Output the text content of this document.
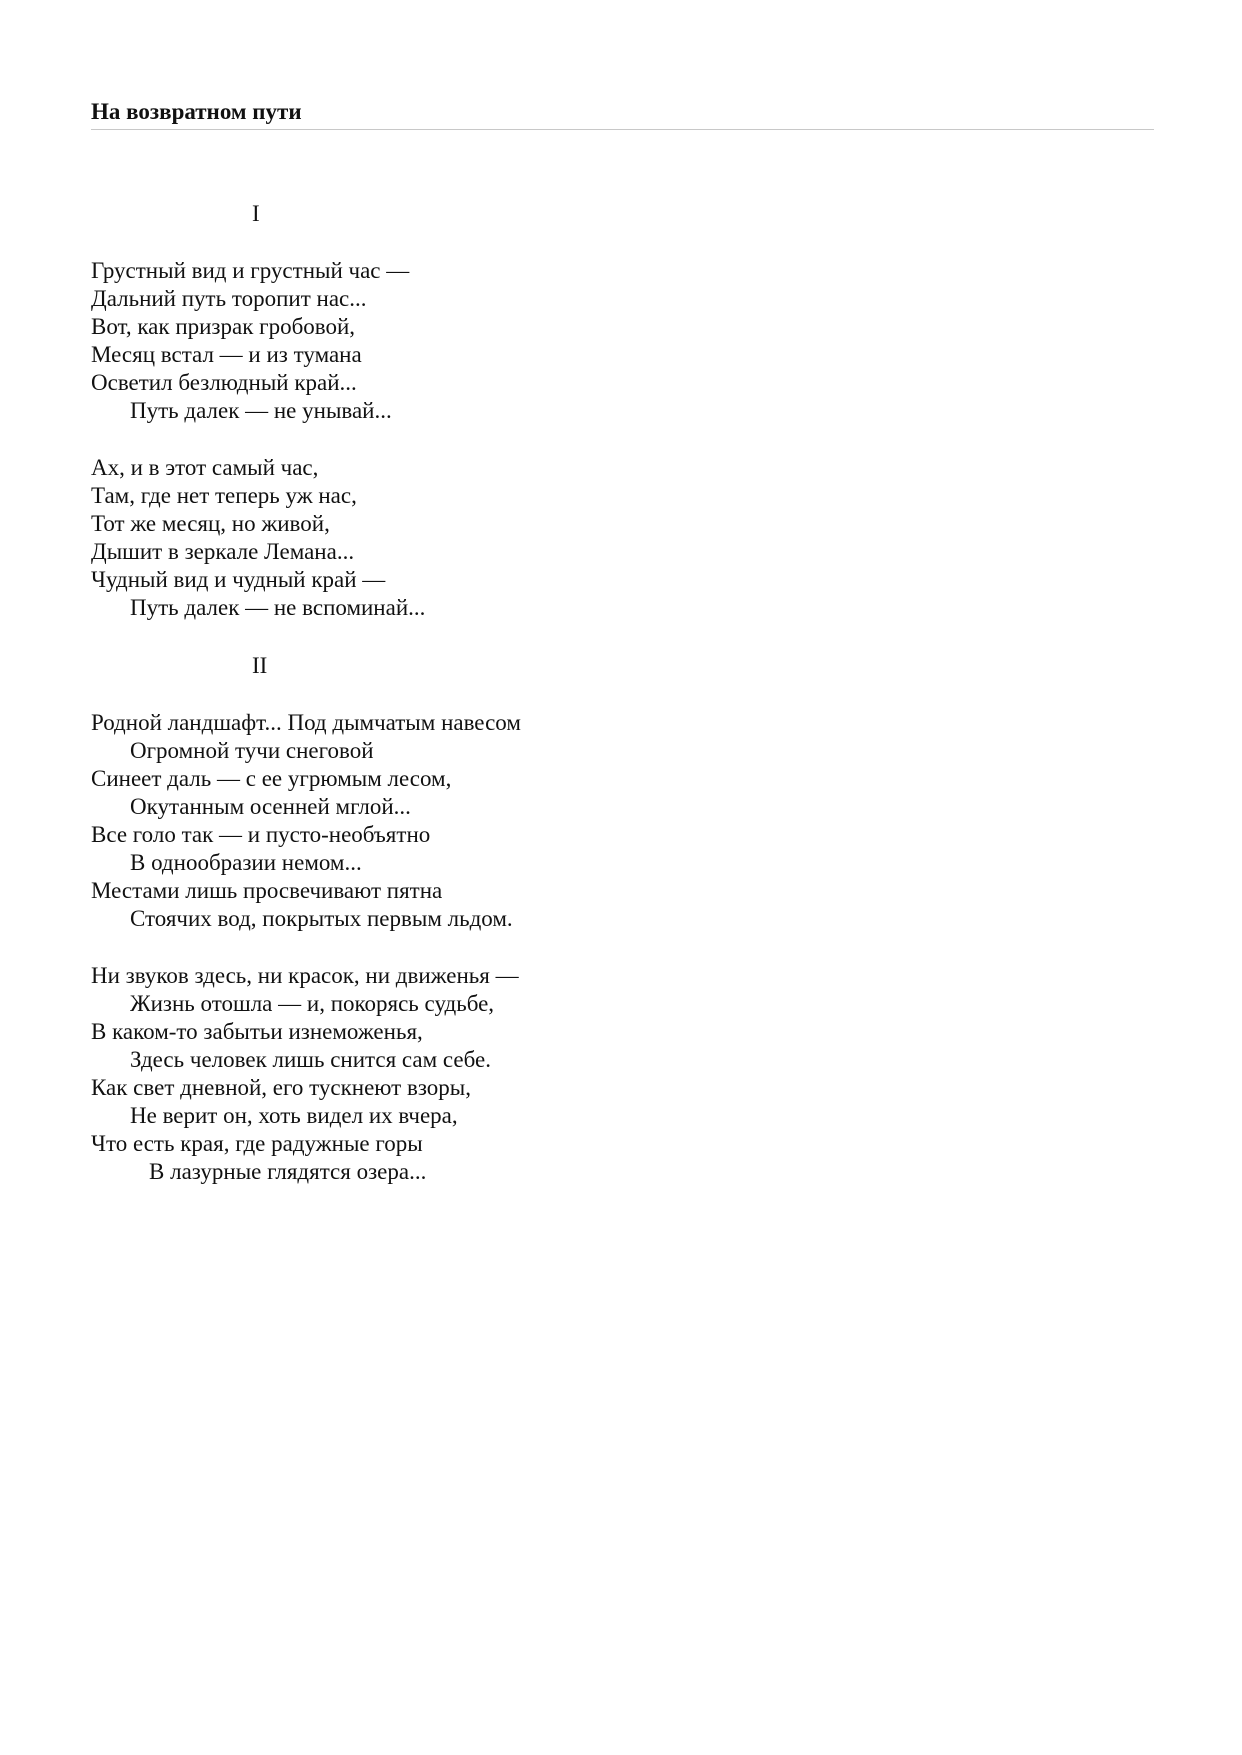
На возвратном пути
I
Грустный вид и грустный час —
Дальний путь торопит нас...
Вот, как призрак гробовой,
Месяц встал — и из тумана
Осветил безлюдный край...
Путь далек — не унывай...
Ах, и в этот самый час,
Там, где нет теперь уж нас,
Тот же месяц, но живой,
Дышит в зеркале Лемана...
Чудный вид и чудный край —
Путь далек — не вспоминай...
II
Родной ландшафт... Под дымчатым навесом
Огромной тучи снеговой
Синеет даль — с ее угрюмым лесом,
Окутанным осенней мглой...
Все голо так — и пусто-необъятно
В однообразии немом...
Местами лишь просвечивают пятна
Стоячих вод, покрытых первым льдом.
Ни звуков здесь, ни красок, ни движенья —
Жизнь отошла — и, покорясь судьбе,
В каком-то забытьи изнеможенья,
Здесь человек лишь снится сам себе.
Как свет дневной, его тускнеют взоры,
Не верит он, хоть видел их вчера,
Что есть края, где радужные горы
В лазурные глядятся озера...
